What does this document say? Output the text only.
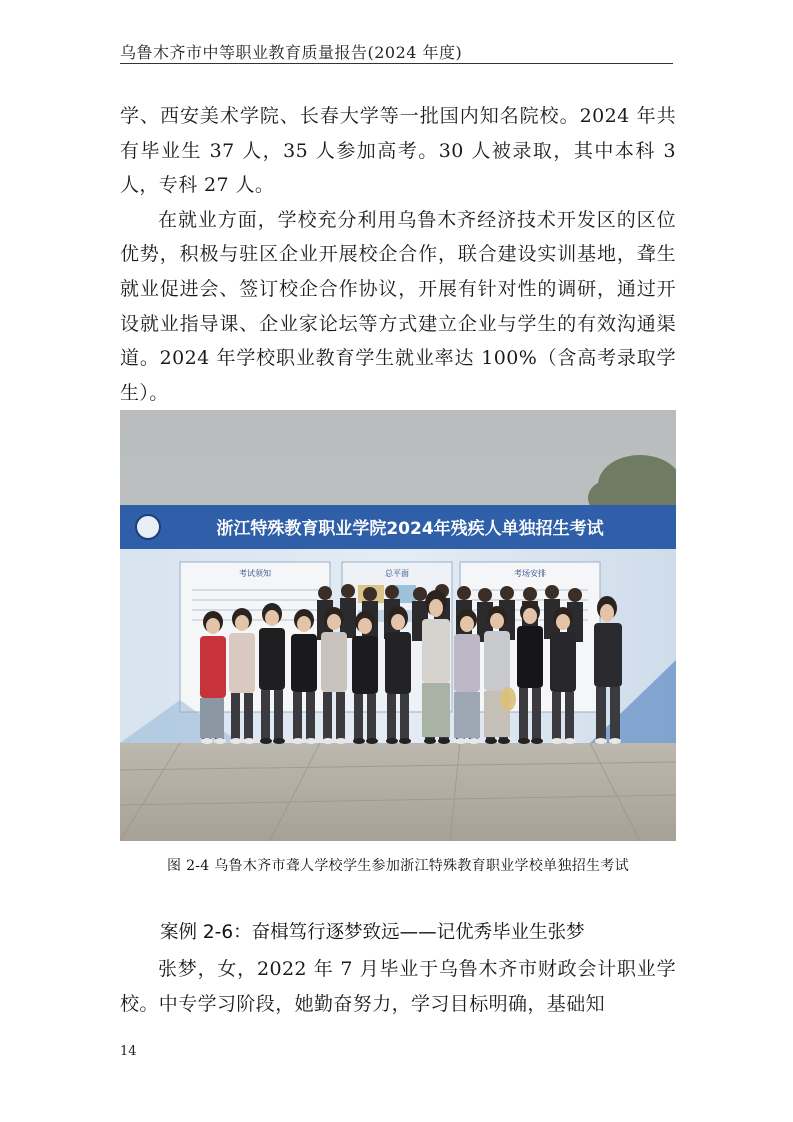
乌鲁木齐市中等职业教育质量报告(2024 年度)

学、西安美术学院、长春大学等一批国内知名院校。2024 年共有毕业生 37 人，35 人参加高考。30 人被录取，其中本科 3 人，专科 27 人。

在就业方面，学校充分利用乌鲁木齐经济技术开发区的区位优势，积极与驻区企业开展校企合作，联合建设实训基地，聋生就业促进会、签订校企合作协议，开展有针对性的调研，通过开设就业指导课、企业家论坛等方式建立企业与学生的有效沟通渠道。2024 年学校职业教育学生就业率达 100%（含高考录取学生）。

浙江特殊教育职业学院2024年残疾人单独招生考试
考试须知	总平面	考场安排
图 2-4 乌鲁木齐市聋人学校学生参加浙江特殊教育职业学校单独招生考试
案例 2-6：奋楫笃行逐梦致远——记优秀毕业生张梦

张梦，女，2022 年 7 月毕业于乌鲁木齐市财政会计职业学校。中专学习阶段，她勤奋努力，学习目标明确，基础知

14
